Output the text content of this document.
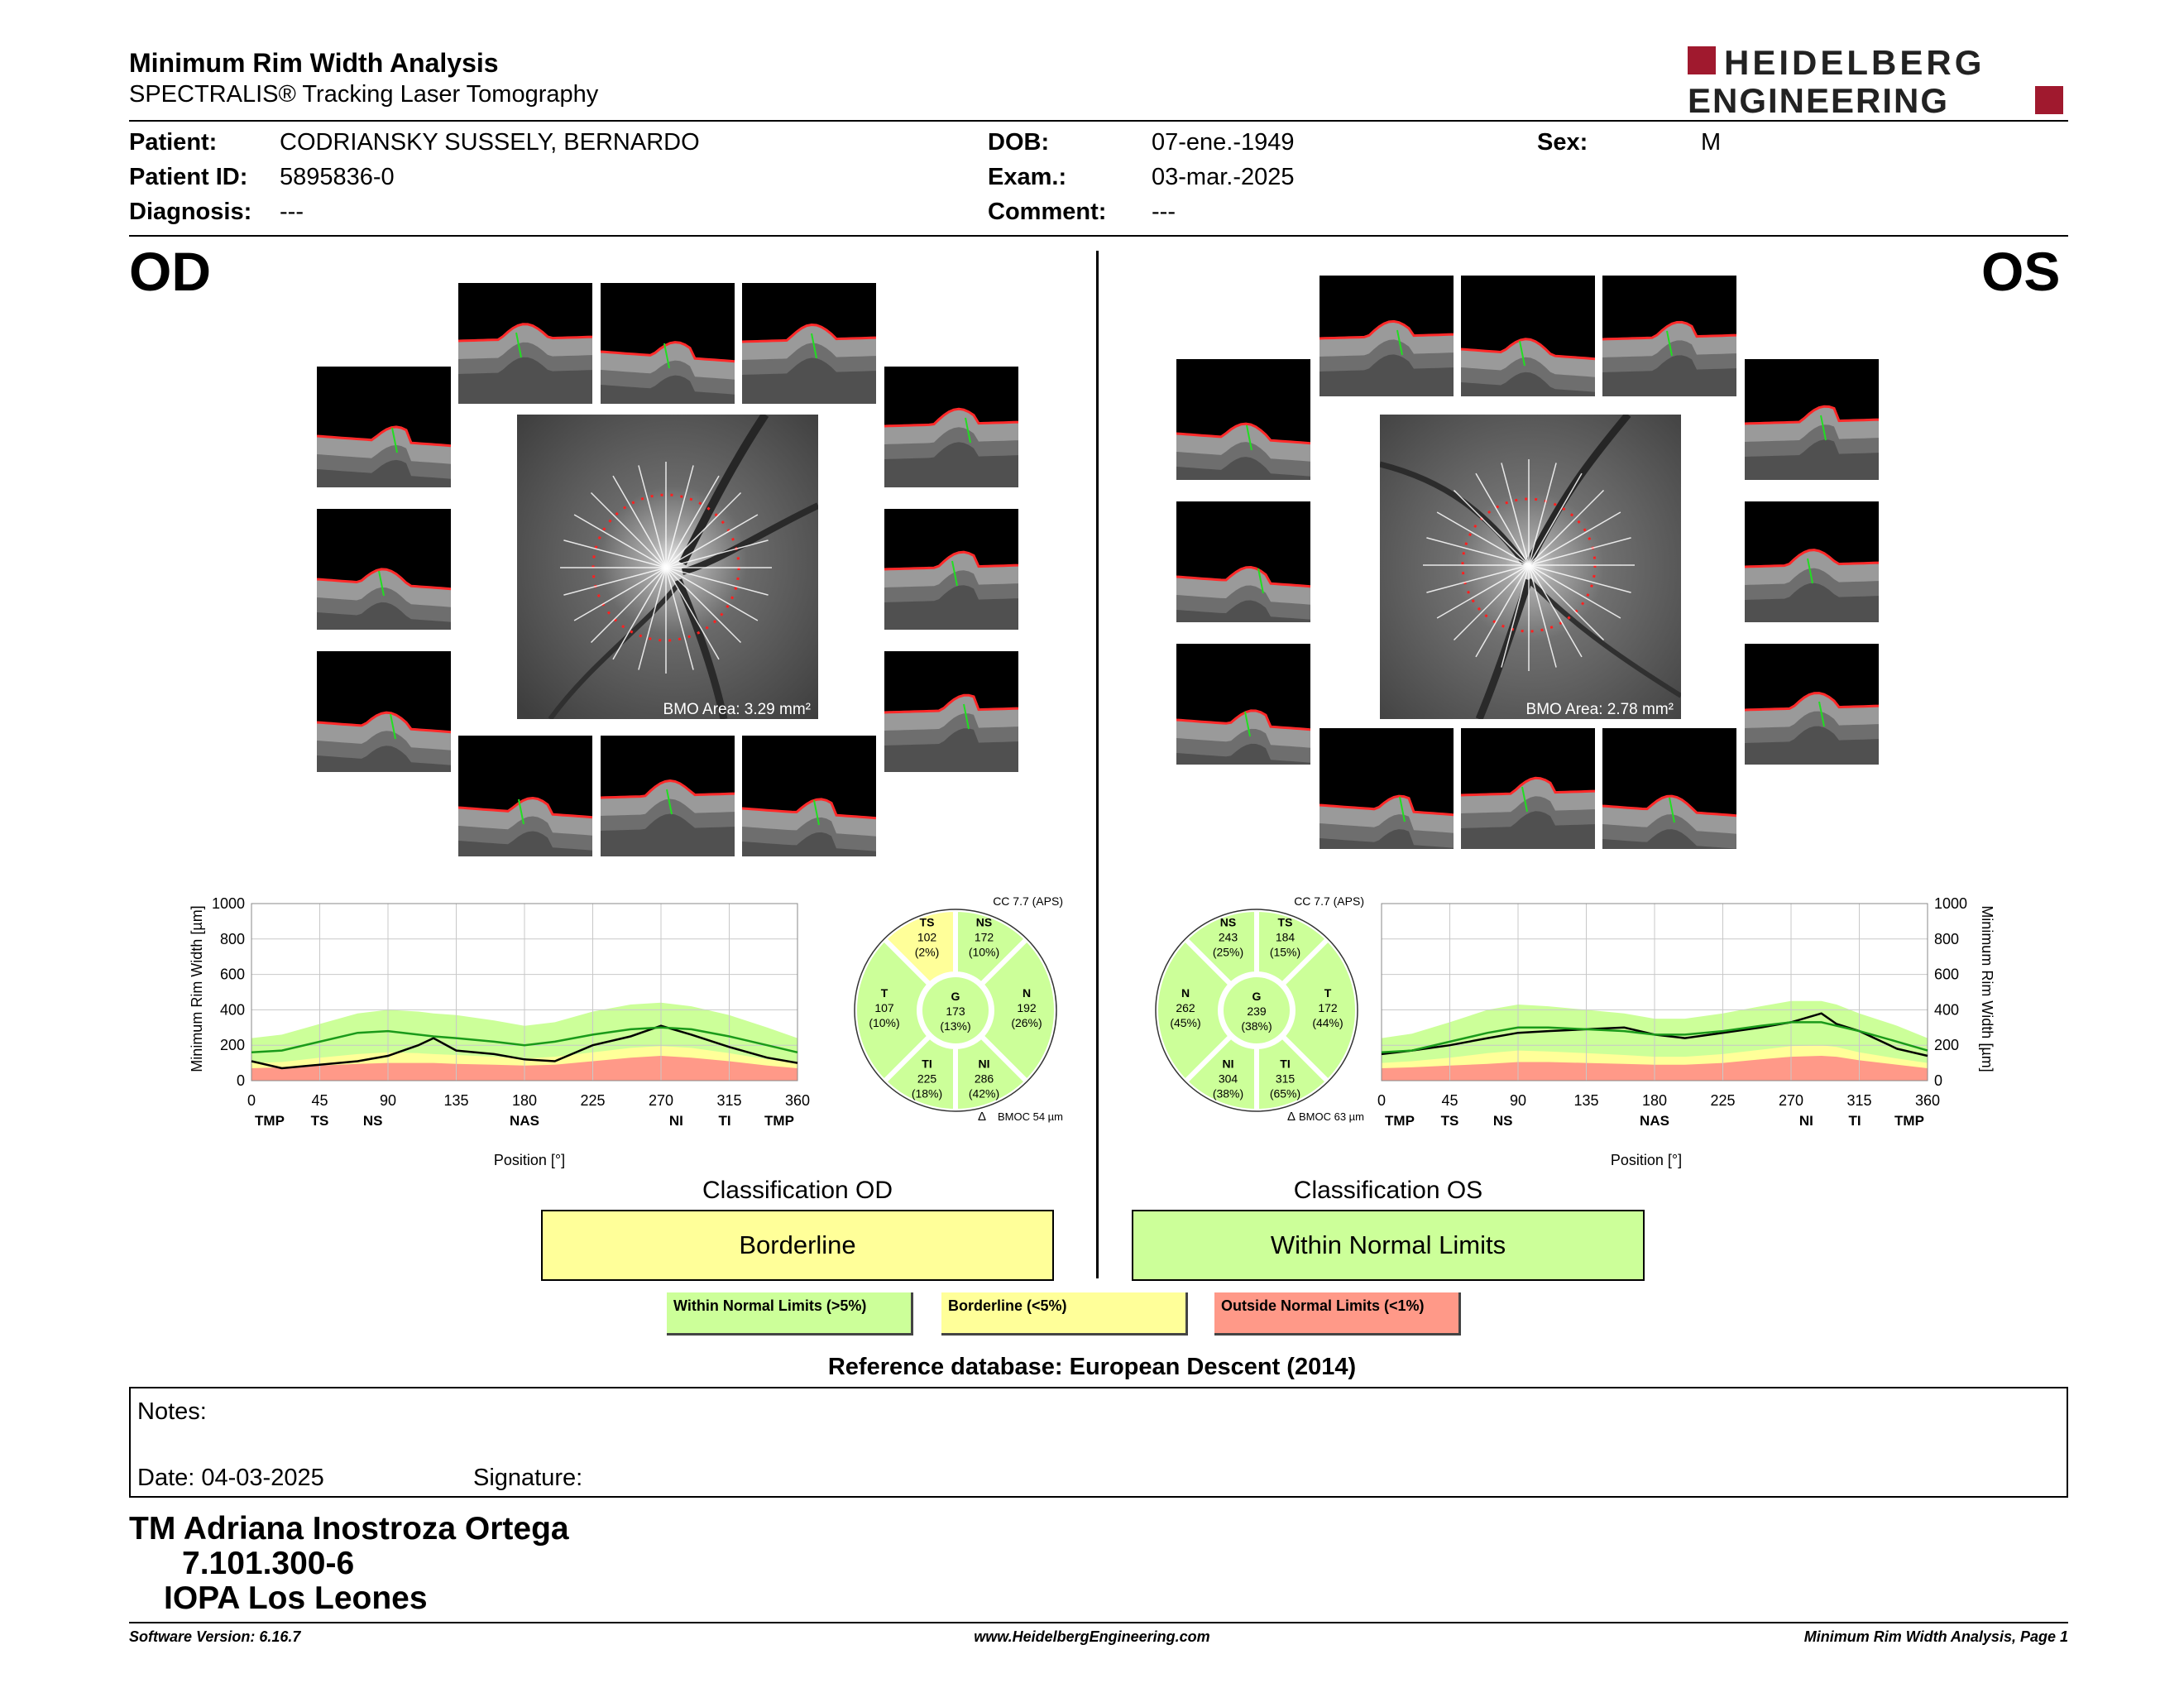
Minimum Rim Width Analysis
SPECTRALIS® Tracking Laser Tomography
HEIDELBERG
ENGINEERING
Patient:	CODRIANSKY SUSSELY, BERNARDO
Patient ID: 5895836-0
Diagnosis: ---
DOB:	07-ene.-1949
Exam.:	03-mar.-2025
Comment: ---
Sex:	M
OD	OS
BMO Area: 3.29 mm²	BMO Area: 2.78 mm²
0
200
400
600
800
1000
0	45	90	135	180	225	270	315	360
TMP TS NS	NAS	NI	TI TMP
Minimum Rim Width [µm]
Position [°]
0
200
400
600
800
1000
0	45	90	135	180	225	270	315	360
TMP TS NS	NAS	NI	TI TMP
Minimum Rim Width [µm]
Position [°]
TS
102
(2%)
NS
172
(10%)
N
192
(26%)
NI
286
(42%)
TI
225
(18%)
T
107
(10%)
G
173
(13%)
CC 7.7 (APS)
BMOC 54 µm
Δ
NS
243
(25%)
TS
184
(15%)
T
172
(44%)
TI
315
(65%)
NI
304
(38%)
N
262
(45%)
G
239
(38%)
CC 7.7 (APS)
BMOC 63 µm
Δ
Classification OD
Borderline
Classification OS
Within Normal Limits
Within Normal Limits (>5%)	Borderline (<5%)	Outside Normal Limits (<1%)
Reference database: European Descent (2014)
Notes:
Date: 04-03-2025	Signature:
TM Adriana Inostroza Ortega
7.101.300-6
IOPA Los Leones
Software Version: 6.16.7	www.HeidelbergEngineering.com	Minimum Rim Width Analysis, Page 1
